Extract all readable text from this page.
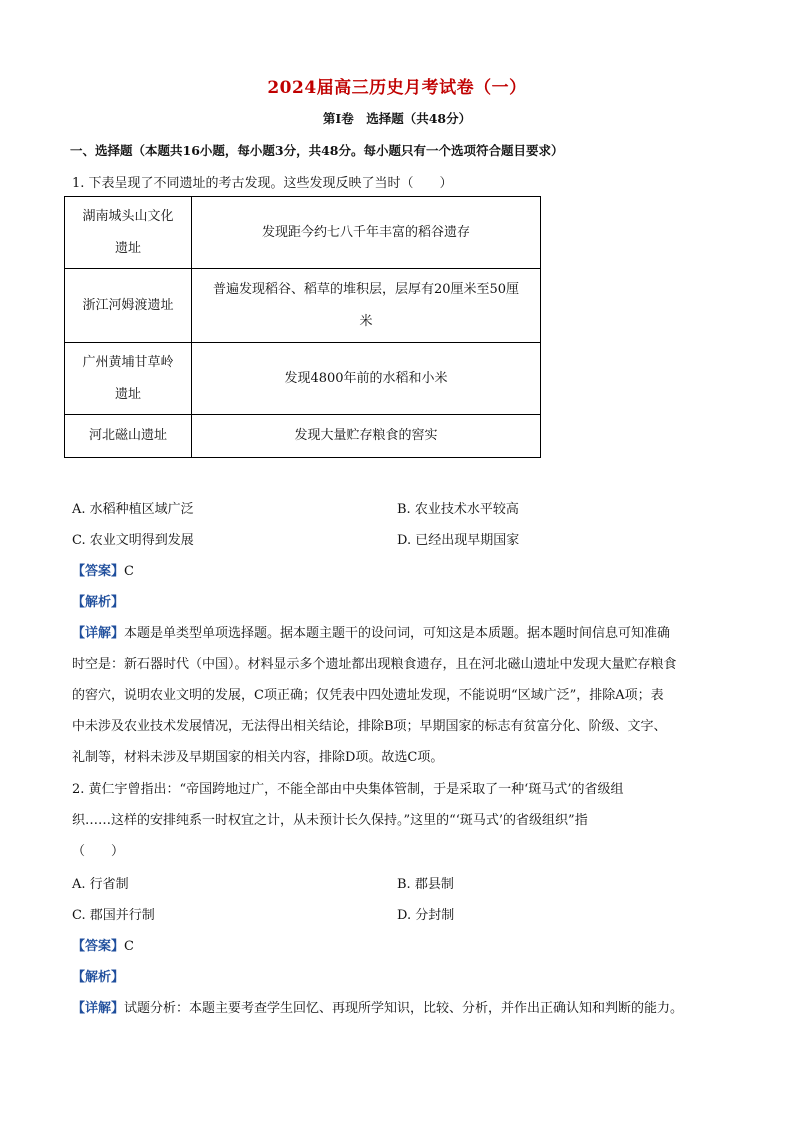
2024届高三历史月考试卷（一）
第Ⅰ卷　选择题（共48分）
一、选择题（本题共16小题，每小题3分，共48分。每小题只有一个选项符合题目要求）
1. 下表呈现了不同遗址的考古发现。这些发现反映了当时（　　）
湖南城头山文化
遗址	发现距今约七八千年丰富的稻谷遗存

浙江河姆渡遗址	普遍发现稻谷、稻草的堆积层，层厚有20厘米至50厘
米

广州黄埔甘草岭
遗址	发现4800年前的水稻和小米

河北磁山遗址	发现大量贮存粮食的窖实
A. 水稻种植区域广泛	B. 农业技术水平较高
C. 农业文明得到发展	D. 已经出现早期国家
【答案】C
【解析】
【详解】本题是单类型单项选择题。据本题主题干的设问词，可知这是本质题。据本题时间信息可知准确
时空是：新石器时代（中国）。材料显示多个遗址都出现粮食遗存，且在河北磁山遗址中发现大量贮存粮食
的窖穴，说明农业文明的发展，C项正确；仅凭表中四处遗址发现，不能说明“区域广泛”，排除A项；表
中未涉及农业技术发展情况，无法得出相关结论，排除B项；早期国家的标志有贫富分化、阶级、文字、
礼制等，材料未涉及早期国家的相关内容，排除D项。故选C项。
2. 黄仁宇曾指出：“帝国跨地过广，不能全部由中央集体管制，于是采取了一种‘斑马式’的省级组
织……这样的安排纯系一时权宜之计，从未预计长久保持。”这里的“‘斑马式’的省级组织”指
（　　）
A. 行省制	B. 郡县制
C. 郡国并行制	D. 分封制
【答案】C
【解析】
【详解】试题分析：本题主要考查学生回忆、再现所学知识，比较、分析，并作出正确认知和判断的能力。
